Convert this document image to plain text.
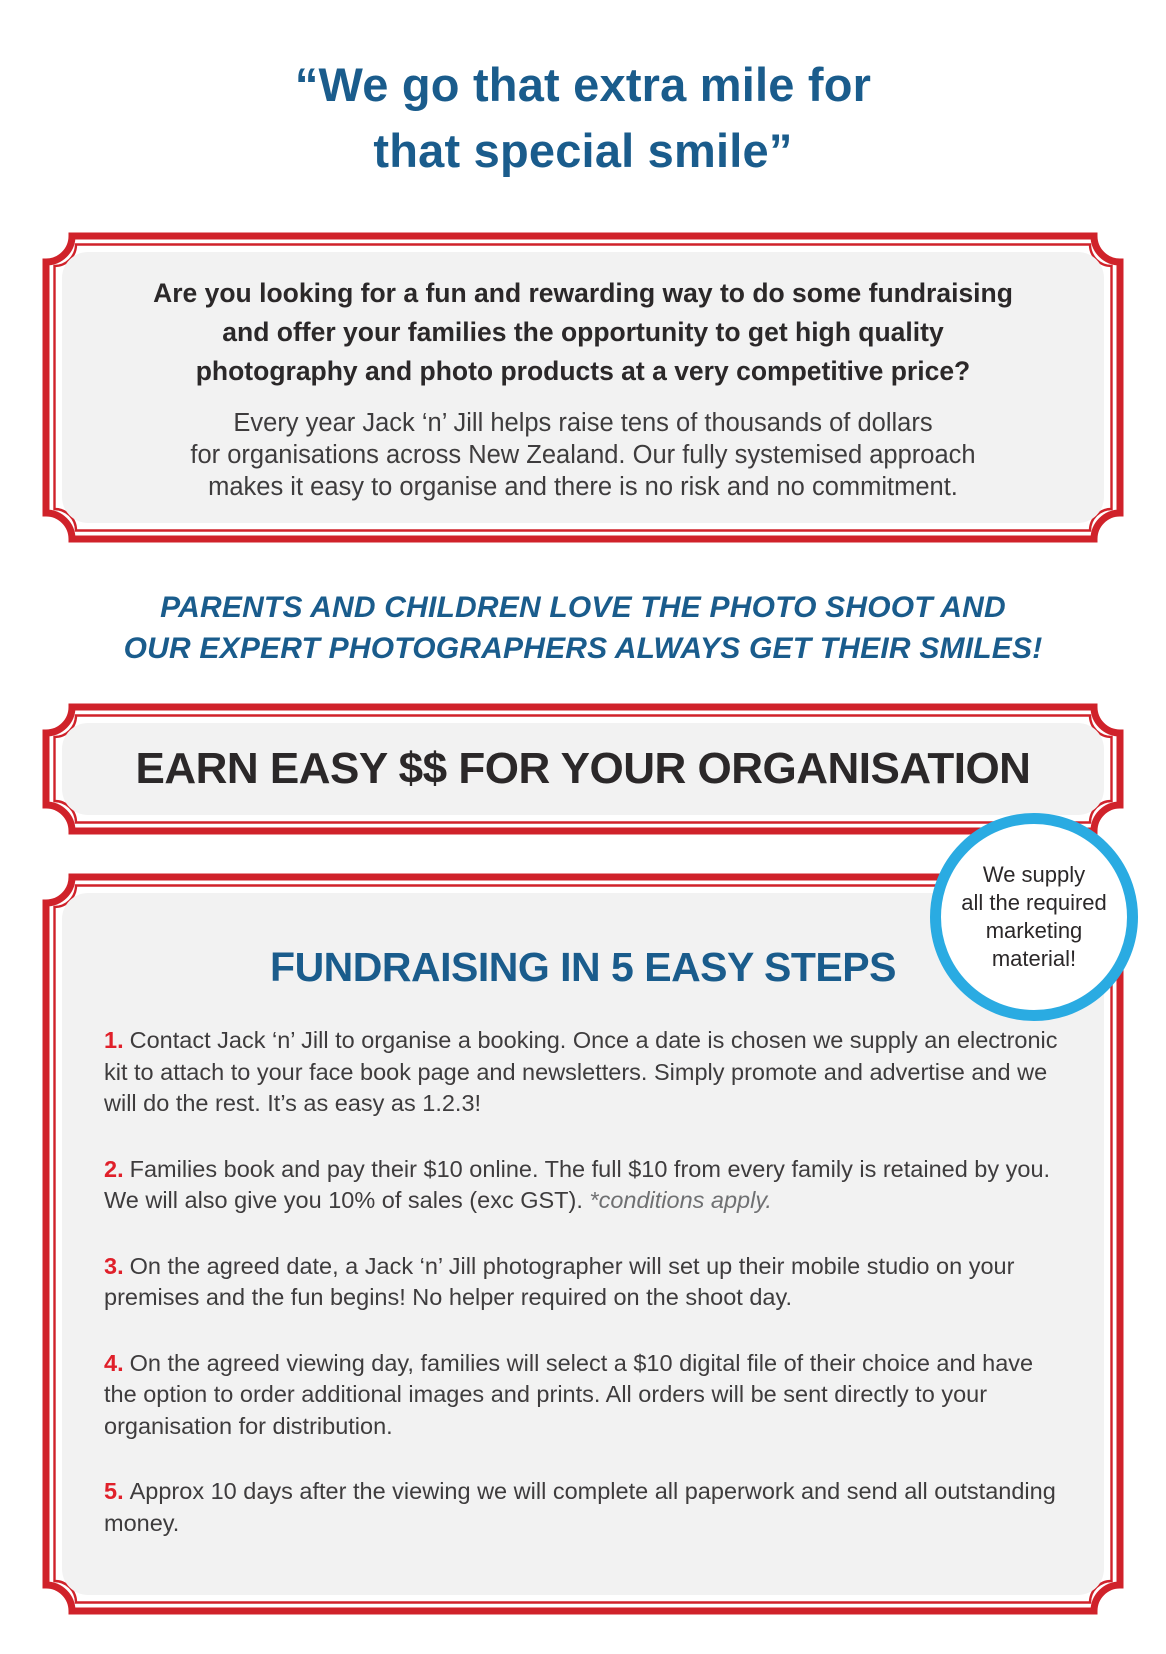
“We go that extra mile for
that special smile”
Are you looking for a fun and rewarding way to do some fundraising
and offer your families the opportunity to get high quality
photography and photo products at a very competitive price?
Every year Jack ‘n’ Jill helps raise tens of thousands of dollars
for organisations across New Zealand. Our fully systemised approach
makes it easy to organise and there is no risk and no commitment.
PARENTS AND CHILDREN LOVE THE PHOTO SHOOT AND
OUR EXPERT PHOTOGRAPHERS ALWAYS GET THEIR SMILES!
EARN EASY $$ FOR YOUR ORGANISATION
We supply
all the required
marketing
material!
FUNDRAISING IN 5 EASY STEPS
1. Contact Jack ‘n’ Jill to organise a booking. Once a date is chosen we supply an electronic kit to attach to your face book page and newsletters. Simply promote and advertise and we will do the rest. It’s as easy as 1.2.3!
2. Families book and pay their $10 online. The full $10 from every family is retained by you. We will also give you 10% of sales (exc GST). *conditions apply.
3. On the agreed date, a Jack ‘n’ Jill photographer will set up their mobile studio on your premises and the fun begins! No helper required on the shoot day.
4. On the agreed viewing day, families will select a $10 digital file of their choice and have the option to order additional images and prints. All orders will be sent directly to your organisation for distribution.
5. Approx 10 days after the viewing we will complete all paperwork and send all outstanding money.
